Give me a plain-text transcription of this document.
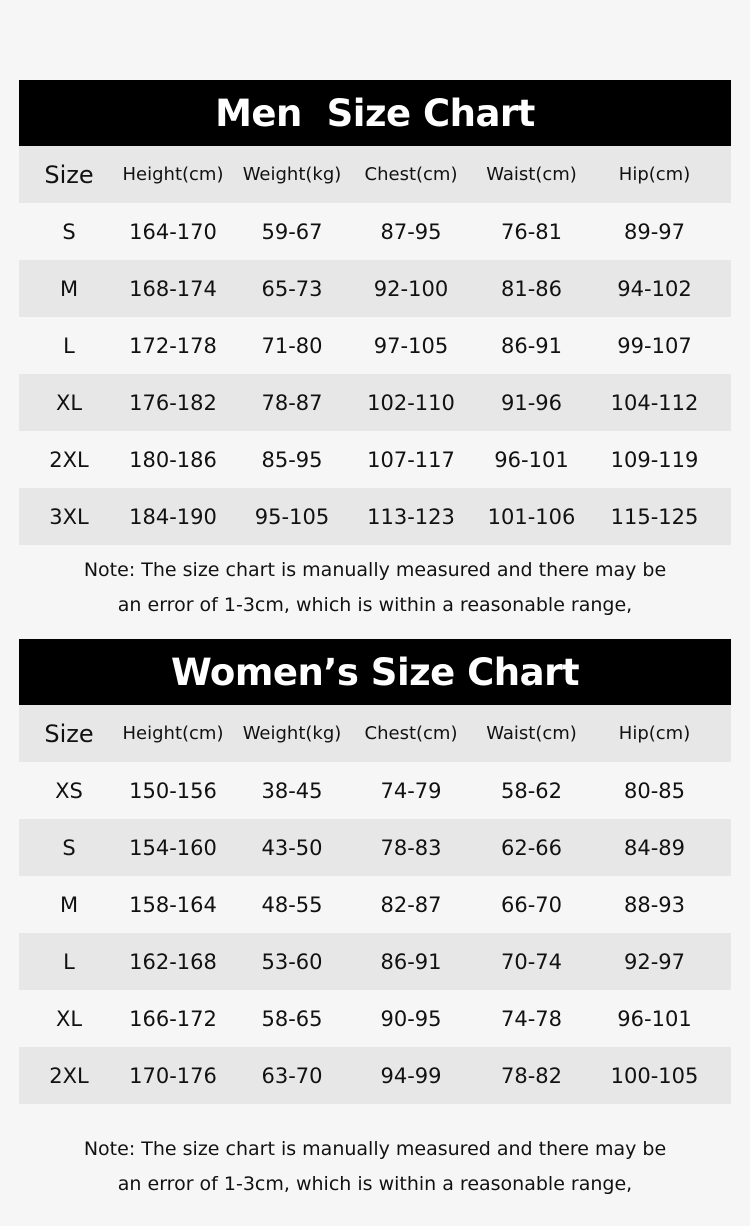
Men  Size Chart
Size	Height(cm)	Weight(kg)	Chest(cm)	Waist(cm)	Hip(cm)
S	164-170	59-67	87-95	76-81	89-97
M	168-174	65-73	92-100	81-86	94-102
L	172-178	71-80	97-105	86-91	99-107
XL	176-182	78-87	102-110	91-96	104-112
2XL	180-186	85-95	107-117	96-101	109-119
3XL	184-190	95-105	113-123	101-106	115-125
Note: The size chart is manually measured and there may be
an error of 1-3cm, which is within a reasonable range,
Women’s Size Chart
Size	Height(cm)	Weight(kg)	Chest(cm)	Waist(cm)	Hip(cm)
XS	150-156	38-45	74-79	58-62	80-85
S	154-160	43-50	78-83	62-66	84-89
M	158-164	48-55	82-87	66-70	88-93
L	162-168	53-60	86-91	70-74	92-97
XL	166-172	58-65	90-95	74-78	96-101
2XL	170-176	63-70	94-99	78-82	100-105
Note: The size chart is manually measured and there may be
an error of 1-3cm, which is within a reasonable range,
